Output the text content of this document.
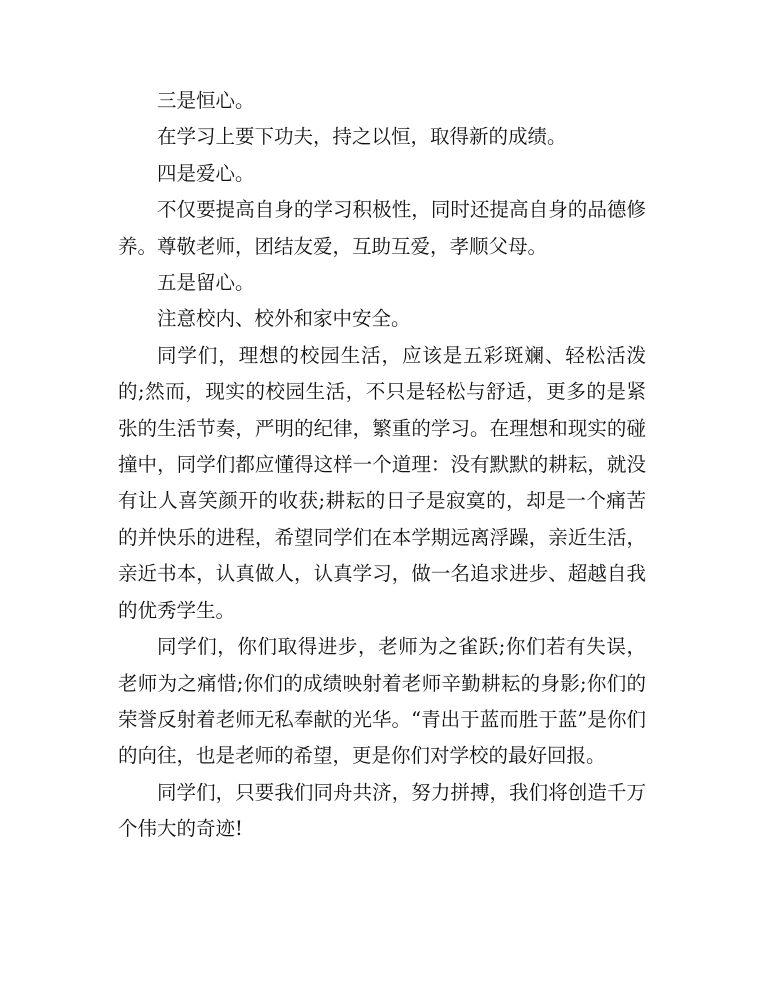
三是恒心。

在学习上要下功夫，持之以恒，取得新的成绩。

四是爱心。

不仅要提高自身的学习积极性，同时还提高自身的品德修养。尊敬老师，团结友爱，互助互爱，孝顺父母。

五是留心。

注意校内、校外和家中安全。

同学们，理想的校园生活，应该是五彩斑斓、轻松活泼的;然而，现实的校园生活，不只是轻松与舒适，更多的是紧张的生活节奏，严明的纪律，繁重的学习。在理想和现实的碰撞中，同学们都应懂得这样一个道理：没有默默的耕耘，就没有让人喜笑颜开的收获;耕耘的日子是寂寞的，却是一个痛苦的并快乐的进程，希望同学们在本学期远离浮躁，亲近生活，亲近书本，认真做人，认真学习，做一名追求进步、超越自我的优秀学生。

同学们，你们取得进步，老师为之雀跃;你们若有失误，老师为之痛惜;你们的成绩映射着老师辛勤耕耘的身影;你们的荣誉反射着老师无私奉献的光华。“青出于蓝而胜于蓝”是你们的向往，也是老师的希望，更是你们对学校的最好回报。

同学们，只要我们同舟共济，努力拼搏，我们将创造千万个伟大的奇迹!
